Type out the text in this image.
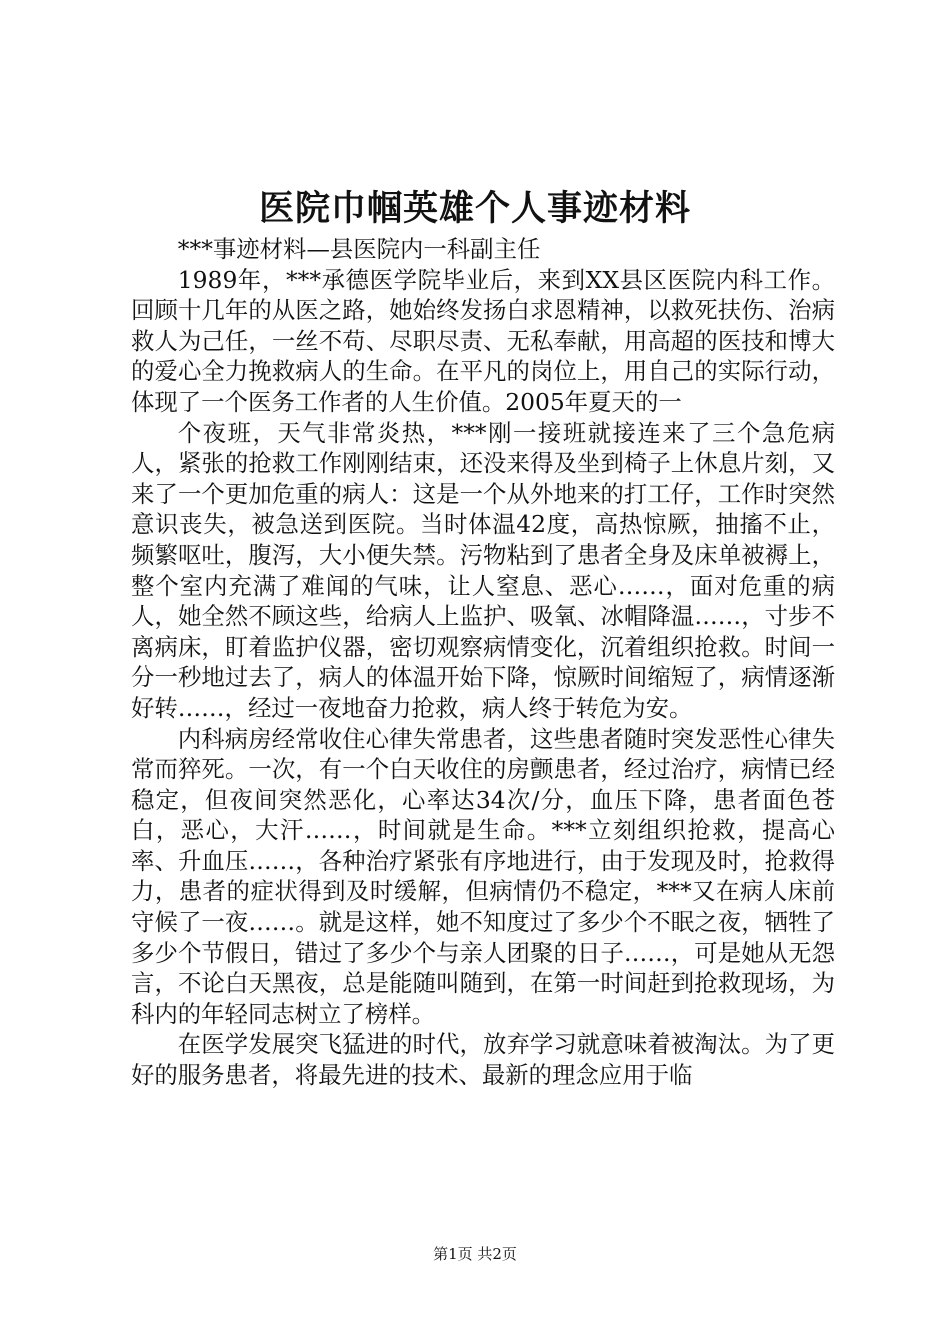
医院巾帼英雄个人事迹材料

***事迹材料—县医院内一科副主任

1989年，***承德医学院毕业后，来到XX县区医院内科工作。回顾十几年的从医之路，她始终发扬白求恩精神，以救死扶伤、治病救人为己任，一丝不苟、尽职尽责、无私奉献，用高超的医技和博大的爱心全力挽救病人的生命。在平凡的岗位上，用自己的实际行动，体现了一个医务工作者的人生价值。2005年夏天的一

个夜班，天气非常炎热，***刚一接班就接连来了三个急危病人，紧张的抢救工作刚刚结束，还没来得及坐到椅子上休息片刻，又来了一个更加危重的病人：这是一个从外地来的打工仔，工作时突然意识丧失，被急送到医院。当时体温42度，高热惊厥，抽搐不止，频繁呕吐，腹泻，大小便失禁。污物粘到了患者全身及床单被褥上，整个室内充满了难闻的气味，让人窒息、恶心……，面对危重的病人，她全然不顾这些，给病人上监护、吸氧、冰帽降温……，寸步不离病床，盯着监护仪器，密切观察病情变化，沉着组织抢救。时间一分一秒地过去了，病人的体温开始下降，惊厥时间缩短了，病情逐渐好转……，经过一夜地奋力抢救，病人终于转危为安。

内科病房经常收住心律失常患者，这些患者随时突发恶性心律失常而猝死。一次，有一个白天收住的房颤患者，经过治疗，病情已经稳定，但夜间突然恶化，心率达34次/分，血压下降，患者面色苍白，恶心，大汗……，时间就是生命。***立刻组织抢救，提高心率、升血压……，各种治疗紧张有序地进行，由于发现及时，抢救得力，患者的症状得到及时缓解，但病情仍不稳定，***又在病人床前守候了一夜……。就是这样，她不知度过了多少个不眠之夜，牺牲了多少个节假日，错过了多少个与亲人团聚的日子……，可是她从无怨言，不论白天黑夜，总是能随叫随到，在第一时间赶到抢救现场，为科内的年轻同志树立了榜样。

在医学发展突飞猛进的时代，放弃学习就意味着被淘汰。为了更好的服务患者，将最先进的技术、最新的理念应用于临

第1页 共2页
